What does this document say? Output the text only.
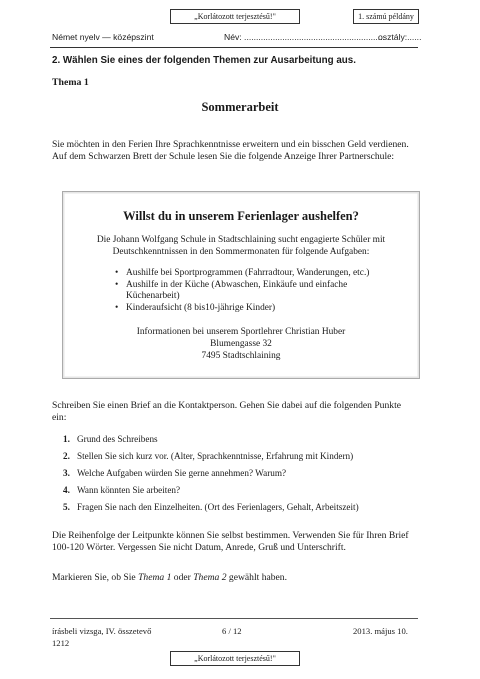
„Korlátozott terjesztésű!"	1. számú példány
Német nyelv — középszint	Név: ...........................................................
osztály:......
2. Wählen Sie eines der folgenden Themen zur Ausarbeitung aus.
Thema 1
Sommerarbeit
Sie möchten in den Ferien Ihre Sprachkenntnisse erweitern und ein bisschen Geld verdienen.
Auf dem Schwarzen Brett der Schule lesen Sie die folgende Anzeige Ihrer Partnerschule:
Willst du in unserem Ferienlager aushelfen?
Die Johann Wolfgang Schule in Stadtschlaining sucht engagierte Schüler mit
Deutschkenntnissen in den Sommermonaten für folgende Aufgaben:
• Aushilfe bei Sportprogrammen (Fahrradtour, Wanderungen, etc.)
• Aushilfe in der Küche (Abwaschen, Einkäufe und einfache
Küchenarbeit)
• Kinderaufsicht (8 bis10-jährige Kinder)
Informationen bei unserem Sportlehrer Christian Huber
Blumengasse 32
7495 Stadtschlaining
Schreiben Sie einen Brief an die Kontaktperson. Gehen Sie dabei auf die folgenden Punkte
ein:
1. Grund des Schreibens
2. Stellen Sie sich kurz vor. (Alter, Sprachkenntnisse, Erfahrung mit Kindern)
3. Welche Aufgaben würden Sie gerne annehmen? Warum?
4. Wann könnten Sie arbeiten?
5. Fragen Sie nach den Einzelheiten. (Ort des Ferienlagers, Gehalt, Arbeitszeit)
Die Reihenfolge der Leitpunkte können Sie selbst bestimmen. Verwenden Sie für Ihren Brief
100-120 Wörter. Vergessen Sie nicht Datum, Anrede, Gruß und Unterschrift.
Markieren Sie, ob Sie Thema 1 oder Thema 2 gewählt haben.
írásbeli vizsga, IV. összetevő
1212
6 / 12	2013. május 10.
„Korlátozott terjesztésű!"
